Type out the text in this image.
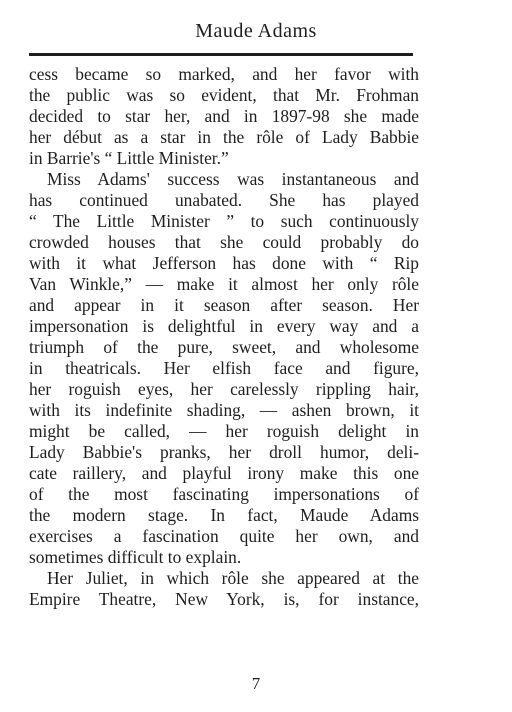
Maude Adams
cess became so marked, and her favor with
the public was so evident, that Mr. Frohman
decided to star her, and in 1897-98 she made
her début as a star in the rôle of Lady Babbie
in Barrie's “ Little Minister.”
Miss Adams' success was instantaneous and
has continued unabated. She has played
“ The Little Minister ” to such continuously
crowded houses that she could probably do
with it what Jefferson has done with “ Rip
Van Winkle,” — make it almost her only rôle
and appear in it season after season. Her
impersonation is delightful in every way and a
triumph of the pure, sweet, and wholesome
in theatricals. Her elfish face and figure,
her roguish eyes, her carelessly rippling hair,
with its indefinite shading, — ashen brown, it
might be called, — her roguish delight in
Lady Babbie's pranks, her droll humor, deli-
cate raillery, and playful irony make this one
of the most fascinating impersonations of
the modern stage. In fact, Maude Adams
exercises a fascination quite her own, and
sometimes difficult to explain.
Her Juliet, in which rôle she appeared at the
Empire Theatre, New York, is, for instance,
7
